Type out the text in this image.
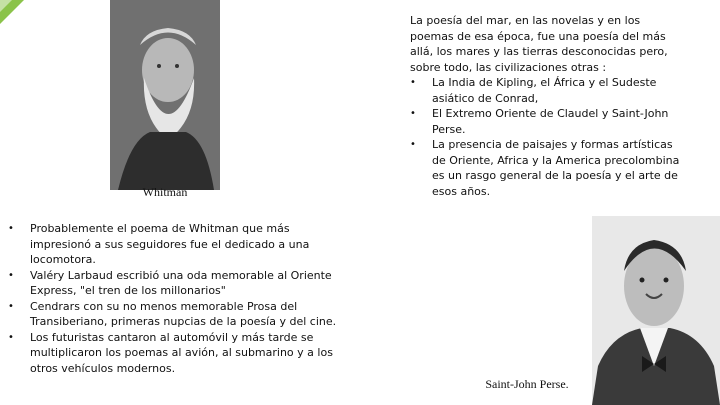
Whitman

La poesía del mar, en las novelas y en los poemas de esa época, fue una poesía del más allá, los mares y las tierras desconocidas pero, sobre todo, las civilizaciones otras :

• La India de Kipling, el África y el Sudeste asiático de Conrad,
• El Extremo Oriente de Claudel y Saint-John Perse.
• La presencia de paisajes y formas artísticas de Oriente, Africa y la America precolombina es un rasgo general de la poesía y el arte de esos años.
• Probablemente el poema de Whitman que más impresionó a sus seguidores fue el dedicado a una locomotora.
• Valéry Larbaud escribió una oda memorable al Oriente Express, "el tren de los millonarios"
• Cendrars con su no menos memorable Prosa del Transiberiano, primeras nupcias de la poesía y del cine.
• Los futuristas cantaron al automóvil y más tarde se multiplicaron los poemas al avión, al submarino y a los otros vehículos modernos.
Saint-John Perse.
